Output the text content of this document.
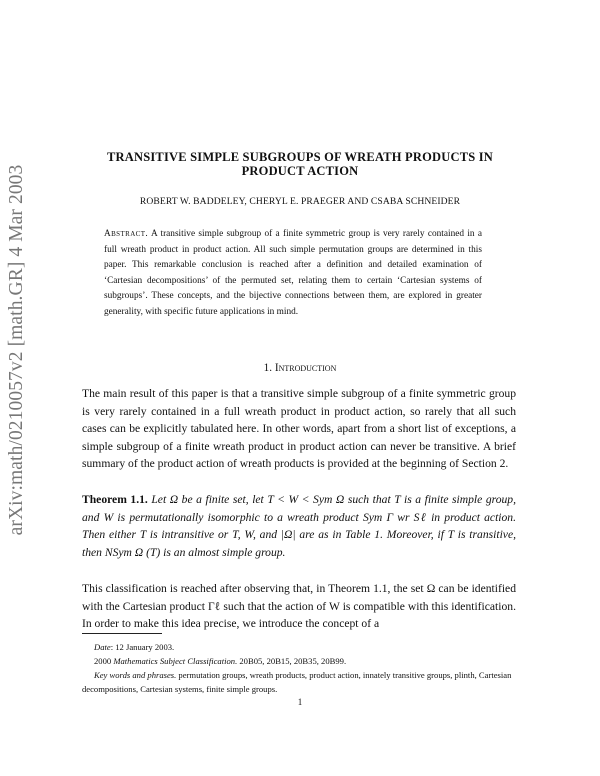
arXiv:math/0210057v2 [math.GR] 4 Mar 2003
TRANSITIVE SIMPLE SUBGROUPS OF WREATH PRODUCTS IN
PRODUCT ACTION
ROBERT W. BADDELEY, CHERYL E. PRAEGER AND CSABA SCHNEIDER
Abstract. A transitive simple subgroup of a finite symmetric group is very rarely contained in a full wreath product in product action. All such simple permutation groups are determined in this paper. This remarkable conclusion is reached after a definition and detailed examination of ‘Cartesian decompositions’ of the permuted set, relating them to certain ‘Cartesian systems of subgroups’. These concepts, and the bijective connections between them, are explored in greater generality, with specific future applications in mind.
1. Introduction
The main result of this paper is that a transitive simple subgroup of a finite symmetric group is very rarely contained in a full wreath product in product action, so rarely that all such cases can be explicitly tabulated here. In other words, apart from a short list of exceptions, a simple subgroup of a finite wreath product in product action can never be transitive. A brief summary of the product action of wreath products is provided at the beginning of Section 2.
Theorem 1.1. Let Ω be a finite set, let T < W < Sym Ω such that T is a finite simple group, and W is permutationally isomorphic to a wreath product Sym Γ wr Sℓ in product action. Then either T is intransitive or T, W, and |Ω| are as in Table 1. Moreover, if T is transitive, then NSym Ω (T) is an almost simple group.
This classification is reached after observing that, in Theorem 1.1, the set Ω can be identified with the Cartesian product Γℓ such that the action of W is compatible with this identification. In order to make this idea precise, we introduce the concept of a
Date: 12 January 2003.
2000 Mathematics Subject Classification. 20B05, 20B15, 20B35, 20B99.
Key words and phrases. permutation groups, wreath products, product action, innately transitive groups, plinth, Cartesian decompositions, Cartesian systems, finite simple groups.
1
